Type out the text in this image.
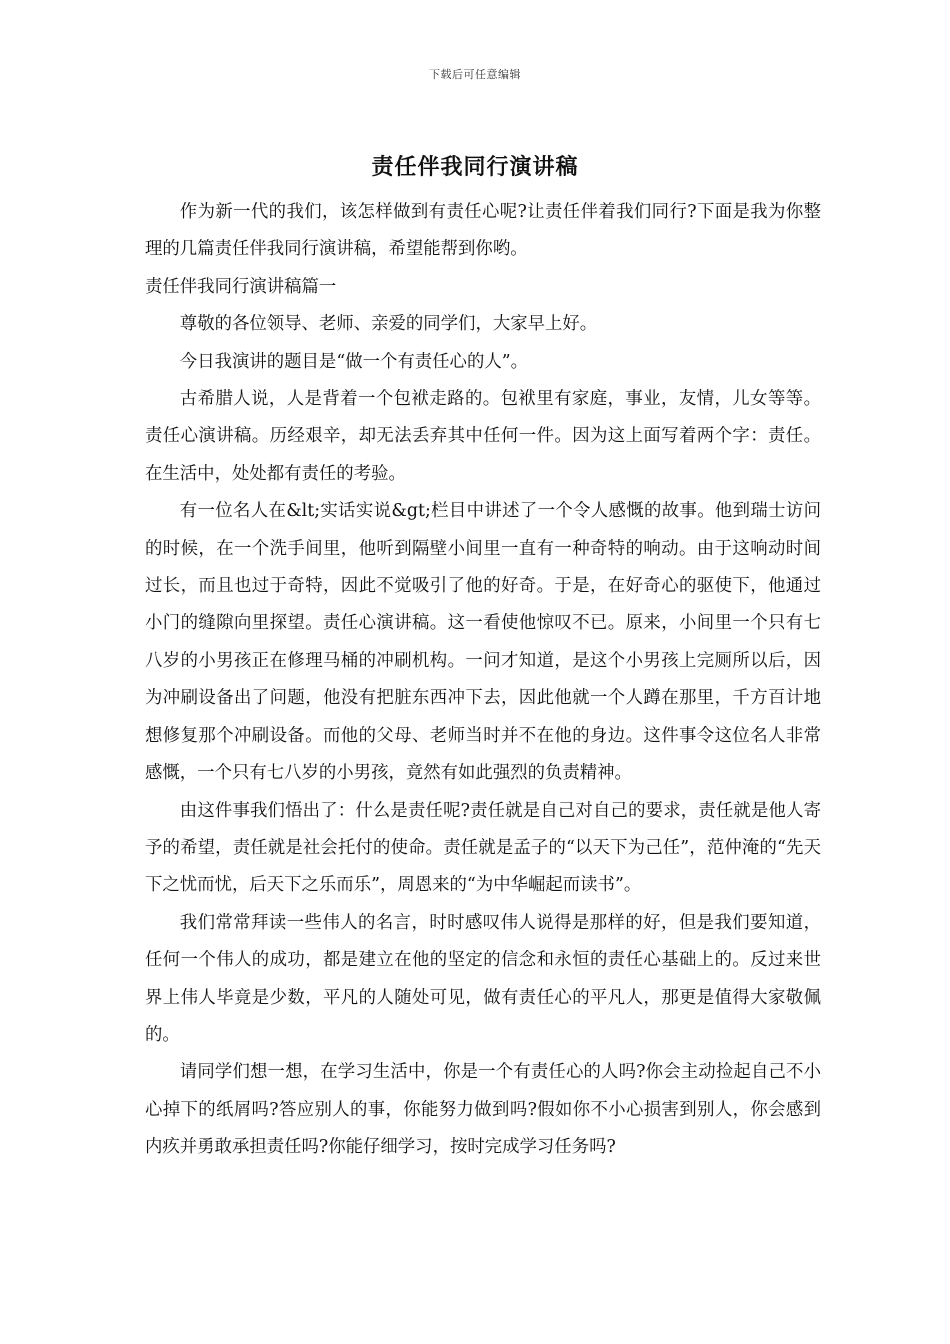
下载后可任意编辑
责任伴我同行演讲稿

作为新一代的我们，该怎样做到有责任心呢?让责任伴着我们同行?下面是我为你整理的几篇责任伴我同行演讲稿，希望能帮到你哟。

责任伴我同行演讲稿篇一

尊敬的各位领导、老师、亲爱的同学们，大家早上好。

今日我演讲的题目是“做一个有责任心的人”。

古希腊人说，人是背着一个包袱走路的。包袱里有家庭，事业，友情，儿女等等。责任心演讲稿。历经艰辛，却无法丢弃其中任何一件。因为这上面写着两个字：责任。在生活中，处处都有责任的考验。

有一位名人在&lt;实话实说&gt;栏目中讲述了一个令人感慨的故事。他到瑞士访问的时候，在一个洗手间里，他听到隔壁小间里一直有一种奇特的响动。由于这响动时间过长，而且也过于奇特，因此不觉吸引了他的好奇。于是，在好奇心的驱使下，他通过小门的缝隙向里探望。责任心演讲稿。这一看使他惊叹不已。原来，小间里一个只有七八岁的小男孩正在修理马桶的冲刷机构。一问才知道，是这个小男孩上完厕所以后，因为冲刷设备出了问题，他没有把脏东西冲下去，因此他就一个人蹲在那里，千方百计地想修复那个冲刷设备。而他的父母、老师当时并不在他的身边。这件事令这位名人非常感慨，一个只有七八岁的小男孩，竟然有如此强烈的负责精神。

由这件事我们悟出了：什么是责任呢?责任就是自己对自己的要求，责任就是他人寄予的希望，责任就是社会托付的使命。责任就是孟子的“以天下为己任”，范仲淹的“先天下之忧而忧，后天下之乐而乐”，周恩来的“为中华崛起而读书”。

我们常常拜读一些伟人的名言，时时感叹伟人说得是那样的好，但是我们要知道，任何一个伟人的成功，都是建立在他的坚定的信念和永恒的责任心基础上的。反过来世界上伟人毕竟是少数，平凡的人随处可见，做有责任心的平凡人，那更是值得大家敬佩的。

请同学们想一想，在学习生活中，你是一个有责任心的人吗?你会主动捡起自己不小心掉下的纸屑吗?答应别人的事，你能努力做到吗?假如你不小心损害到别人，你会感到内疚并勇敢承担责任吗?你能仔细学习，按时完成学习任务吗?
